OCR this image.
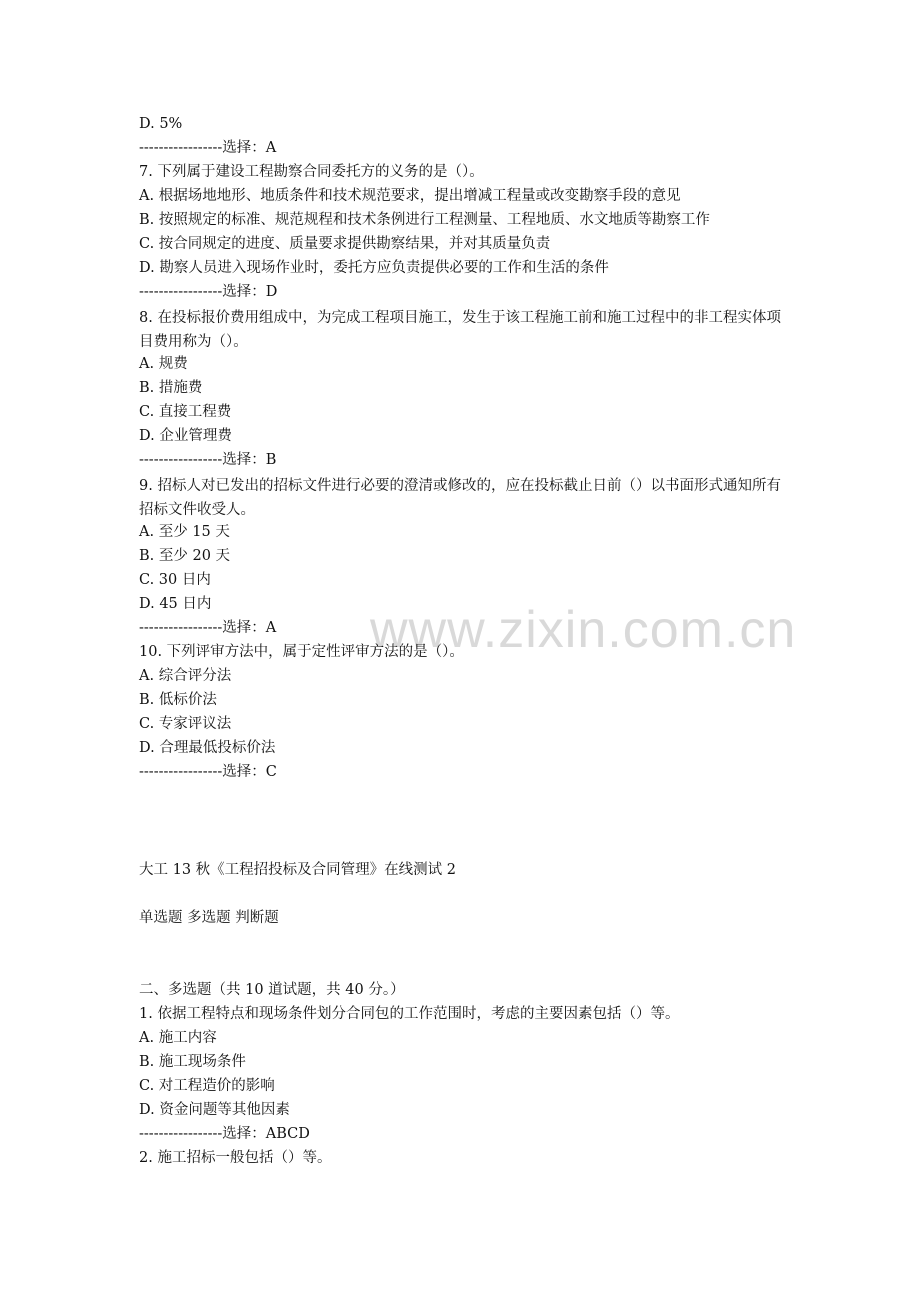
www.zixin.com.cn
D. 5%
-----------------选择：A
7. 下列属于建设工程勘察合同委托方的义务的是（）。
A. 根据场地地形、地质条件和技术规范要求，提出增减工程量或改变勘察手段的意见
B. 按照规定的标准、规范规程和技术条例进行工程测量、工程地质、水文地质等勘察工作
C. 按合同规定的进度、质量要求提供勘察结果，并对其质量负责
D. 勘察人员进入现场作业时，委托方应负责提供必要的工作和生活的条件
-----------------选择：D
8. 在投标报价费用组成中，为完成工程项目施工，发生于该工程施工前和施工过程中的非工程实体项目费用称为（）。
A. 规费
B. 措施费
C. 直接工程费
D. 企业管理费
-----------------选择：B
9. 招标人对已发出的招标文件进行必要的澄清或修改的，应在投标截止日前（）以书面形式通知所有招标文件收受人。
A. 至少 15 天
B. 至少 20 天
C. 30 日内
D. 45 日内
-----------------选择：A
10. 下列评审方法中，属于定性评审方法的是（）。
A. 综合评分法
B. 低标价法
C. 专家评议法
D. 合理最低投标价法
-----------------选择：C
大工 13 秋《工程招投标及合同管理》在线测试 2
单选题 多选题 判断题
二、多选题（共 10 道试题，共 40 分。）
1. 依据工程特点和现场条件划分合同包的工作范围时，考虑的主要因素包括（）等。
A. 施工内容
B. 施工现场条件
C. 对工程造价的影响
D. 资金问题等其他因素
-----------------选择：ABCD
2. 施工招标一般包括（）等。
